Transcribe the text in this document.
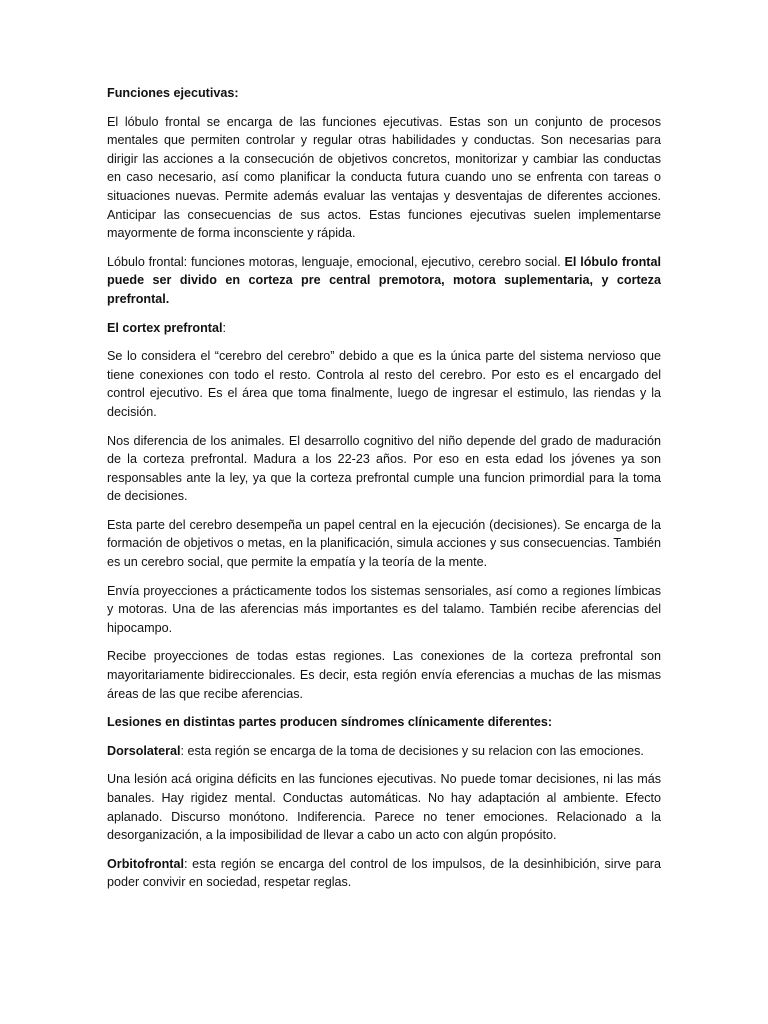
Funciones ejecutivas:

El lóbulo frontal se encarga de las funciones ejecutivas. Estas son un conjunto de procesos mentales que permiten controlar y regular otras habilidades y conductas. Son necesarias para dirigir las acciones a la consecución de objetivos concretos, monitorizar y cambiar las conductas en caso necesario, así como planificar la conducta futura cuando uno se enfrenta con tareas o situaciones nuevas. Permite además evaluar las ventajas y desventajas de diferentes acciones. Anticipar las consecuencias de sus actos. Estas funciones ejecutivas suelen implementarse mayormente de forma inconsciente y rápida.

Lóbulo frontal: funciones motoras, lenguaje, emocional, ejecutivo, cerebro social. El lóbulo frontal puede ser divido en corteza pre central premotora, motora suplementaria, y corteza prefrontal.

El cortex prefrontal:

Se lo considera el “cerebro del cerebro” debido a que es la única parte del sistema nervioso que tiene conexiones con todo el resto. Controla al resto del cerebro. Por esto es el encargado del control ejecutivo. Es el área que toma finalmente, luego de ingresar el estimulo, las riendas y la decisión.

Nos diferencia de los animales. El desarrollo cognitivo del niño depende del grado de maduración de la corteza prefrontal. Madura a los 22-23 años. Por eso en esta edad los jóvenes ya son responsables ante la ley, ya que la corteza prefrontal cumple una funcion primordial para la toma de decisiones.

Esta parte del cerebro desempeña un papel central en la ejecución (decisiones). Se encarga de la formación de objetivos o metas, en la planificación, simula acciones y sus consecuencias. También es un cerebro social, que permite la empatía y la teoría de la mente.

Envía proyecciones a prácticamente todos los sistemas sensoriales, así como a regiones límbicas y motoras. Una de las aferencias más importantes es del talamo. También recibe aferencias del hipocampo.

Recibe proyecciones de todas estas regiones. Las conexiones de la corteza prefrontal son mayoritariamente bidireccionales. Es decir, esta región envía eferencias a muchas de las mismas áreas de las que recibe aferencias.

Lesiones en distintas partes producen síndromes clínicamente diferentes:

Dorsolateral: esta región se encarga de la toma de decisiones y su relacion con las emociones.

Una lesión acá origina déficits en las funciones ejecutivas. No puede tomar decisiones, ni las más banales. Hay rigidez mental. Conductas automáticas. No hay adaptación al ambiente. Efecto aplanado. Discurso monótono. Indiferencia. Parece no tener emociones. Relacionado a la desorganización, a la imposibilidad de llevar a cabo un acto con algún propósito.

Orbitofrontal: esta región se encarga del control de los impulsos, de la desinhibición, sirve para poder convivir en sociedad, respetar reglas.
